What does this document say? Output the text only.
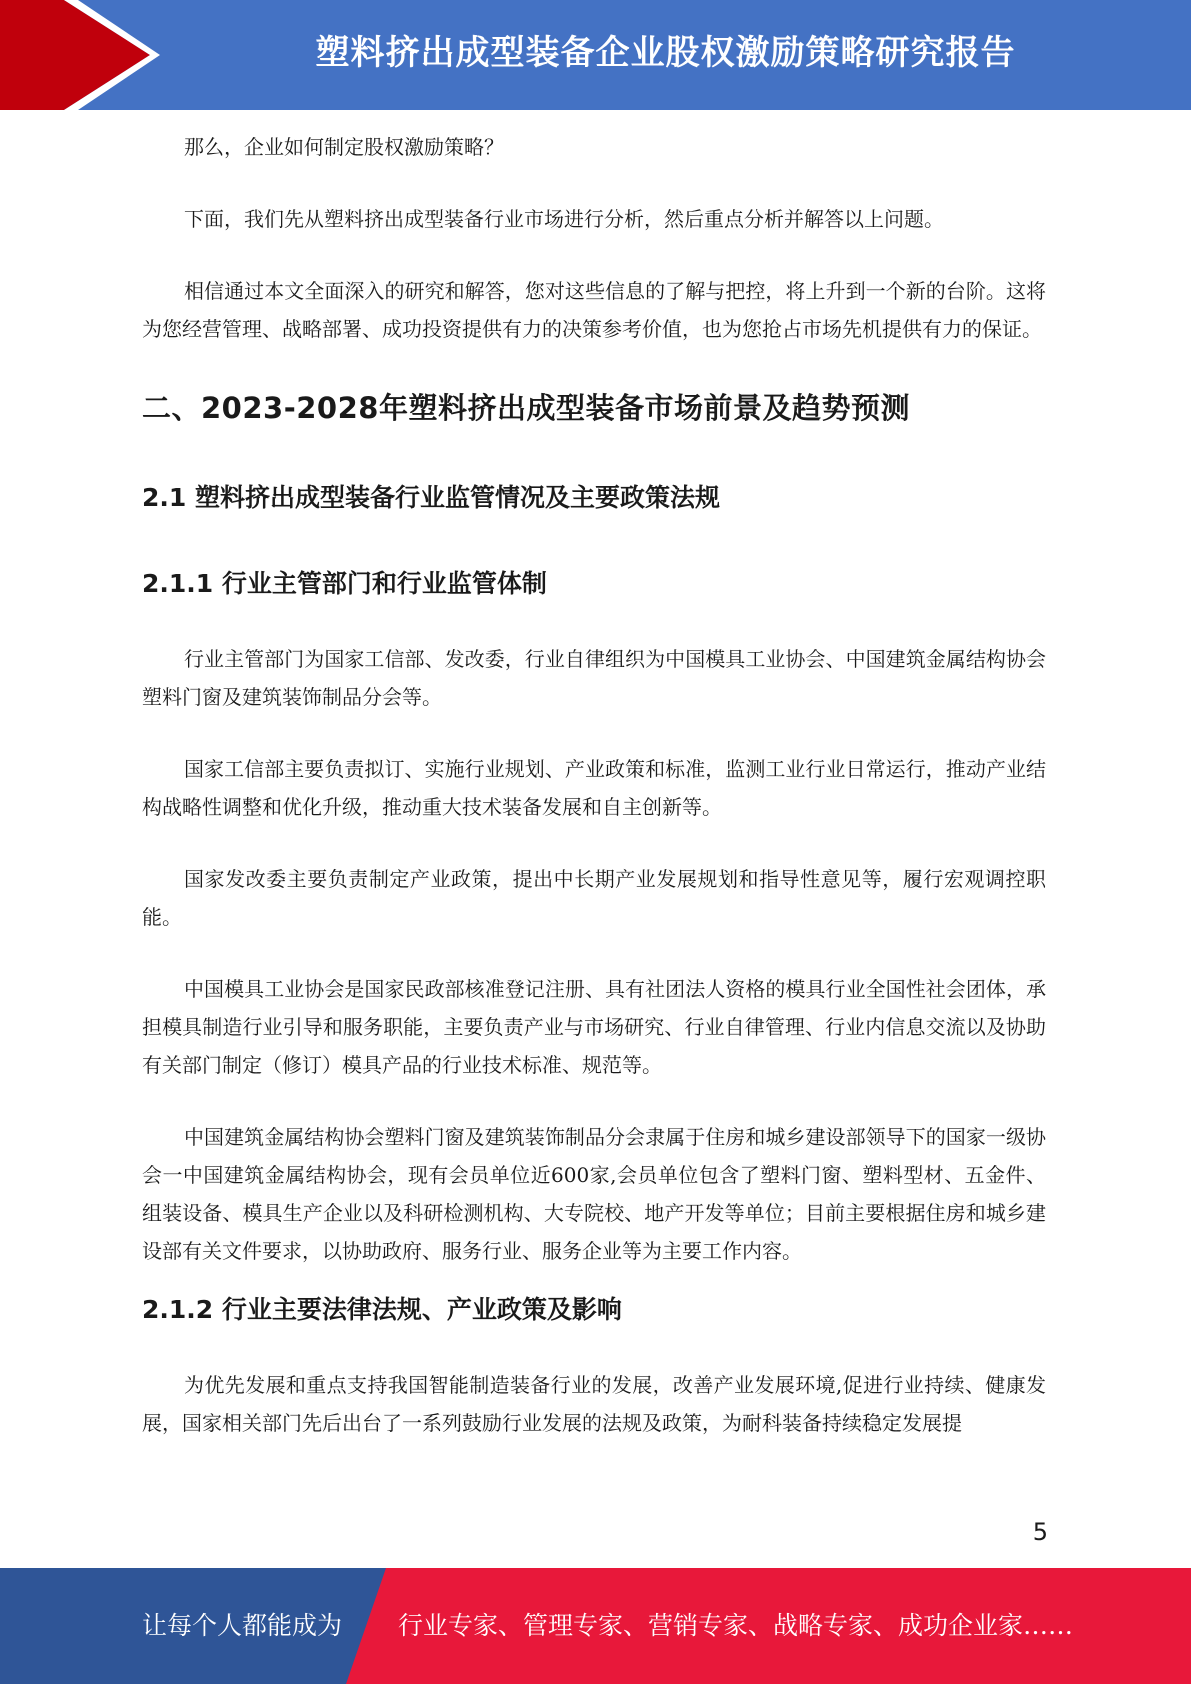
塑料挤出成型装备企业股权激励策略研究报告

那么，企业如何制定股权激励策略？

下面，我们先从塑料挤出成型装备行业市场进行分析，然后重点分析并解答以上问题。

相信通过本文全面深入的研究和解答，您对这些信息的了解与把控，将上升到一个新的台阶。这将为您经营管理、战略部署、成功投资提供有力的决策参考价值，也为您抢占市场先机提供有力的保证。

二、2023-2028年塑料挤出成型装备市场前景及趋势预测
2.1 塑料挤出成型装备行业监管情况及主要政策法规
2.1.1 行业主管部门和行业监管体制

行业主管部门为国家工信部、发改委，行业自律组织为中国模具工业协会、中国建筑金属结构协会塑料门窗及建筑装饰制品分会等。

国家工信部主要负责拟订、实施行业规划、产业政策和标准，监测工业行业日常运行，推动产业结构战略性调整和优化升级，推动重大技术装备发展和自主创新等。

国家发改委主要负责制定产业政策，提出中长期产业发展规划和指导性意见等，履行宏观调控职能。

中国模具工业协会是国家民政部核准登记注册、具有社团法人资格的模具行业全国性社会团体，承担模具制造行业引导和服务职能，主要负责产业与市场研究、行业自律管理、行业内信息交流以及协助有关部门制定（修订）模具产品的行业技术标准、规范等。

中国建筑金属结构协会塑料门窗及建筑装饰制品分会隶属于住房和城乡建设部领导下的国家一级协会一中国建筑金属结构协会，现有会员单位近600家,会员单位包含了塑料门窗、塑料型材、五金件、组装设备、模具生产企业以及科研检测机构、大专院校、地产开发等单位；目前主要根据住房和城乡建设部有关文件要求，以协助政府、服务行业、服务企业等为主要工作内容。

2.1.2 行业主要法律法规、产业政策及影响

为优先发展和重点支持我国智能制造装备行业的发展，改善产业发展环境,促进行业持续、健康发展，国家相关部门先后出台了一系列鼓励行业发展的法规及政策，为耐科装备持续稳定发展提

5
让每个人都能成为 行业专家、管理专家、营销专家、战略专家、成功企业家……
